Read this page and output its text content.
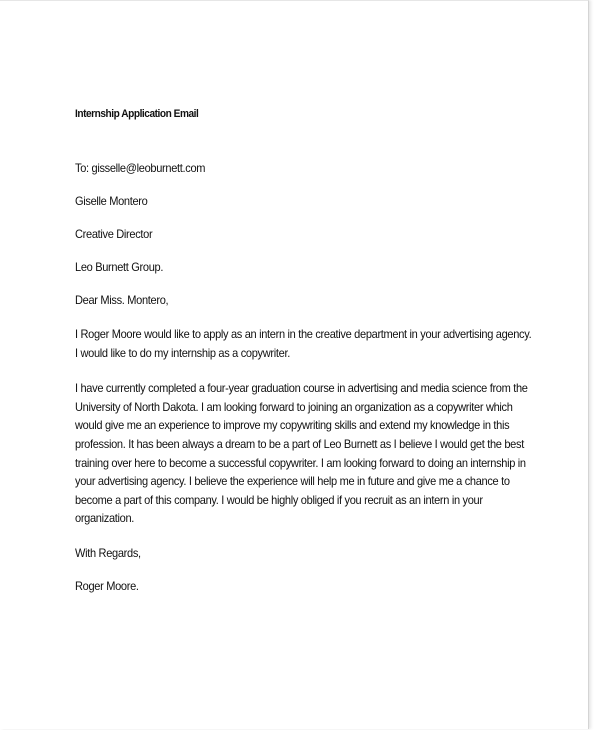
Internship Application Email

To: gisselle@leoburnett.com

Giselle Montero

Creative Director

Leo Burnett Group.

Dear Miss. Montero,

I Roger Moore would like to apply as an intern in the creative department in your advertising agency. I would like to do my internship as a copywriter.

I have currently completed a four-year graduation course in advertising and media science from the University of North Dakota. I am looking forward to joining an organization as a copywriter which would give me an experience to improve my copywriting skills and extend my knowledge in this profession. It has been always a dream to be a part of Leo Burnett as I believe I would get the best training over here to become a successful copywriter. I am looking forward to doing an internship in your advertising agency. I believe the experience will help me in future and give me a chance to become a part of this company. I would be highly obliged if you recruit as an intern in your organization.

With Regards,

Roger Moore.
